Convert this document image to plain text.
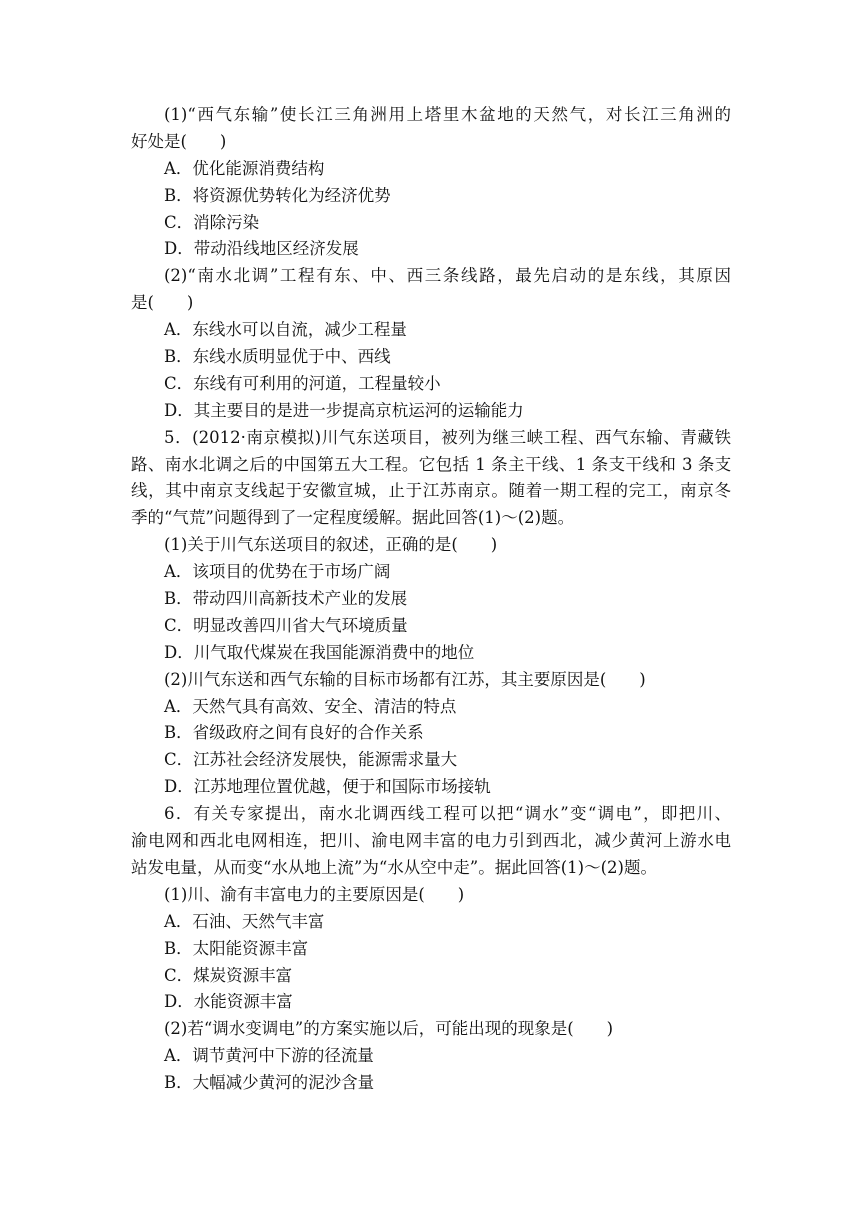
(1)“西气东输”使长江三角洲用上塔里木盆地的天然气，对长江三角洲的
好处是(　　)
A．优化能源消费结构
B．将资源优势转化为经济优势
C．消除污染
D．带动沿线地区经济发展
(2)“南水北调”工程有东、中、西三条线路，最先启动的是东线，其原因
是(　　)
A．东线水可以自流，减少工程量
B．东线水质明显优于中、西线
C．东线有可利用的河道，工程量较小
D．其主要目的是进一步提高京杭运河的运输能力
5．(2012·南京模拟)川气东送项目，被列为继三峡工程、西气东输、青藏铁
路、南水北调之后的中国第五大工程。它包括 1 条主干线、1 条支干线和 3 条支
线，其中南京支线起于安徽宣城，止于江苏南京。随着一期工程的完工，南京冬
季的“气荒”问题得到了一定程度缓解。据此回答(1)～(2)题。
(1)关于川气东送项目的叙述，正确的是(　　)
A．该项目的优势在于市场广阔
B．带动四川高新技术产业的发展
C．明显改善四川省大气环境质量
D．川气取代煤炭在我国能源消费中的地位
(2)川气东送和西气东输的目标市场都有江苏，其主要原因是(　　)
A．天然气具有高效、安全、清洁的特点
B．省级政府之间有良好的合作关系
C．江苏社会经济发展快，能源需求量大
D．江苏地理位置优越，便于和国际市场接轨
6．有关专家提出，南水北调西线工程可以把“调水”变“调电”，即把川、
渝电网和西北电网相连，把川、渝电网丰富的电力引到西北，减少黄河上游水电
站发电量，从而变“水从地上流”为“水从空中走”。据此回答(1)～(2)题。
(1)川、渝有丰富电力的主要原因是(　　)
A．石油、天然气丰富
B．太阳能资源丰富
C．煤炭资源丰富
D．水能资源丰富
(2)若“调水变调电”的方案实施以后，可能出现的现象是(　　)
A．调节黄河中下游的径流量
B．大幅减少黄河的泥沙含量
